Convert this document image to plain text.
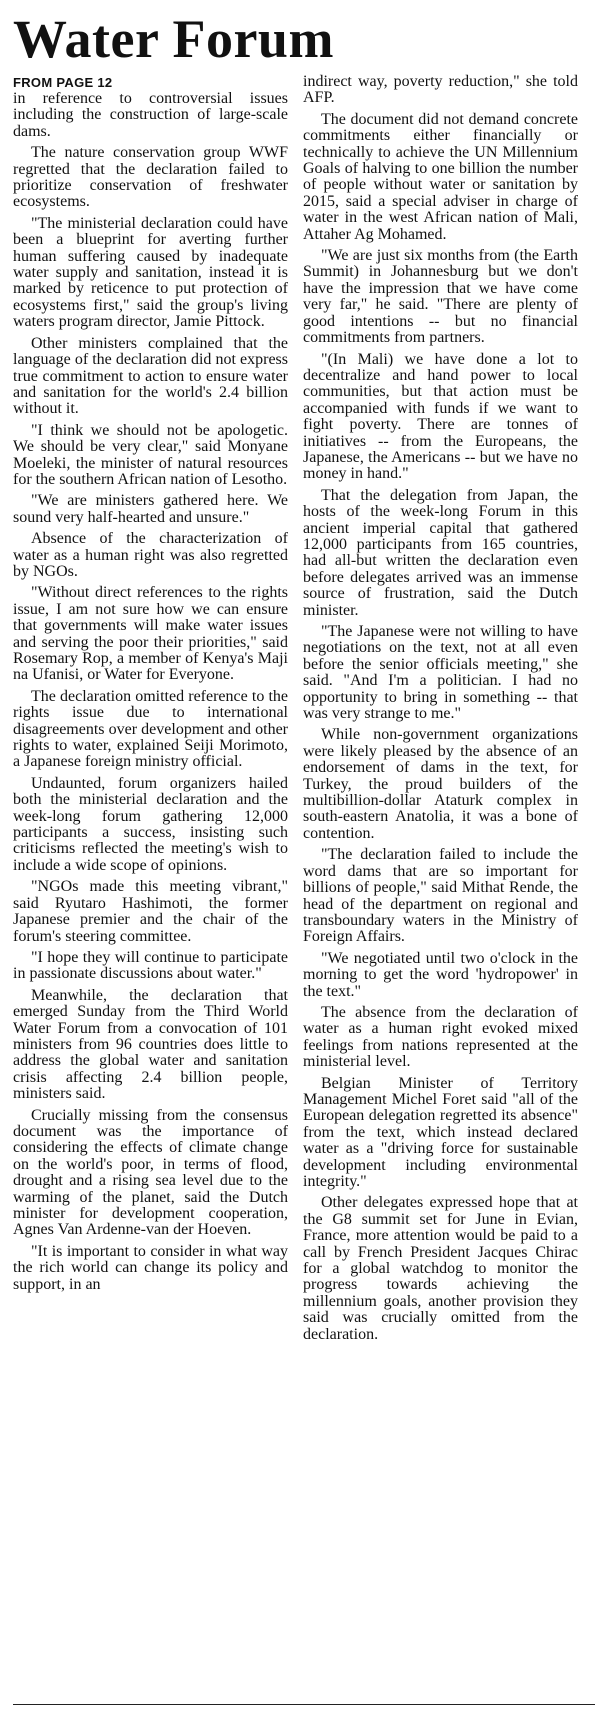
Water Forum
FROM PAGE 12

in reference to controversial issues including the construction of large-scale dams.

The nature conservation group WWF regretted that the declaration failed to prioritize conservation of freshwater ecosystems.

"The ministerial declaration could have been a blueprint for averting further human suffering caused by inadequate water supply and sanitation, instead it is marked by reticence to put protection of ecosystems first," said the group's living waters program director, Jamie Pittock.

Other ministers complained that the language of the declaration did not express true commitment to action to ensure water and sanitation for the world's 2.4 billion without it.

"I think we should not be apologetic. We should be very clear," said Monyane Moeleki, the minister of natural resources for the southern African nation of Lesotho.

"We are ministers gathered here. We sound very half-hearted and unsure."

Absence of the characterization of water as a human right was also regretted by NGOs.

"Without direct references to the rights issue, I am not sure how we can ensure that governments will make water issues and serving the poor their priorities," said Rosemary Rop, a member of Kenya's Maji na Ufanisi, or Water for Everyone.

The declaration omitted reference to the rights issue due to international disagreements over development and other rights to water, explained Seiji Morimoto, a Japanese foreign ministry official.

Undaunted, forum organizers hailed both the ministerial declaration and the week-long forum gathering 12,000 participants a success, insisting such criticisms reflected the meeting's wish to include a wide scope of opinions.

"NGOs made this meeting vibrant," said Ryutaro Hashimoti, the former Japanese premier and the chair of the forum's steering committee.

"I hope they will continue to participate in passionate discussions about water."

Meanwhile, the declaration that emerged Sunday from the Third World Water Forum from a convocation of 101 ministers from 96 countries does little to address the global water and sanitation crisis affecting 2.4 billion people, ministers said.

Crucially missing from the consensus document was the importance of considering the effects of climate change on the world's poor, in terms of flood, drought and a rising sea level due to the warming of the planet, said the Dutch minister for development cooperation, Agnes Van Ardenne-van der Hoeven.

"It is important to consider in what way the rich world can change its policy and support, in an

indirect way, poverty reduction," she told AFP.

The document did not demand concrete commitments either financially or technically to achieve the UN Millennium Goals of halving to one billion the number of people without water or sanitation by 2015, said a special adviser in charge of water in the west African nation of Mali, Attaher Ag Mohamed.

"We are just six months from (the Earth Summit) in Johannesburg but we don't have the impression that we have come very far," he said. "There are plenty of good intentions -- but no financial commitments from partners.

"(In Mali) we have done a lot to decentralize and hand power to local communities, but that action must be accompanied with funds if we want to fight poverty. There are tonnes of initiatives -- from the Europeans, the Japanese, the Americans -- but we have no money in hand."

That the delegation from Japan, the hosts of the week-long Forum in this ancient imperial capital that gathered 12,000 participants from 165 countries, had all-but written the declaration even before delegates arrived was an immense source of frustration, said the Dutch minister.

"The Japanese were not willing to have negotiations on the text, not at all even before the senior officials meeting," she said. "And I'm a politician. I had no opportunity to bring in something -- that was very strange to me."

While non-government organizations were likely pleased by the absence of an endorsement of dams in the text, for Turkey, the proud builders of the multibillion-dollar Ataturk complex in south-eastern Anatolia, it was a bone of contention.

"The declaration failed to include the word dams that are so important for billions of people," said Mithat Rende, the head of the department on regional and transboundary waters in the Ministry of Foreign Affairs.

"We negotiated until two o'clock in the morning to get the word 'hydropower' in the text."

The absence from the declaration of water as a human right evoked mixed feelings from nations represented at the ministerial level.

Belgian Minister of Territory Management Michel Foret said "all of the European delegation regretted its absence" from the text, which instead declared water as a "driving force for sustainable development including environmental integrity."

Other delegates expressed hope that at the G8 summit set for June in Evian, France, more attention would be paid to a call by French President Jacques Chirac for a global watchdog to monitor the progress towards achieving the millennium goals, another provision they said was crucially omitted from the declaration.
